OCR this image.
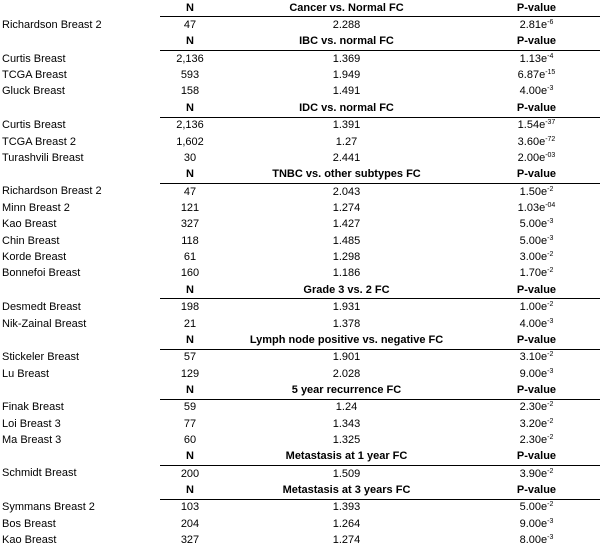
	N	Cancer vs. Normal FC	P-value
Richardson Breast 2	47	2.288	$2.81e^{-6}$
	N	IBC vs. normal FC	P-value
Curtis Breast	2,136	1.369	$1.13e^{-4}$
TCGA Breast	593	1.949	$6.87e^{-15}$
Gluck Breast	158	1.491	$4.00e^{-3}$
	N	IDC vs. normal FC	P-value
Curtis Breast	2,136	1.391	$1.54e^{-37}$
TCGA Breast 2	1,602	1.27	$3.60e^{-72}$
Turashvili Breast	30	2.441	$2.00e^{-03}$
	N	TNBC vs. other subtypes FC	P-value
Richardson Breast 2	47	2.043	$1.50e^{-2}$
Minn Breast 2	121	1.274	$1.03e^{-04}$
Kao Breast	327	1.427	$5.00e^{-3}$
Chin Breast	118	1.485	$5.00e^{-3}$
Korde Breast	61	1.298	$3.00e^{-2}$
Bonnefoi Breast	160	1.186	$1.70e^{-2}$
	N	Grade 3 vs. 2 FC	P-value
Desmedt Breast	198	1.931	$1.00e^{-2}$
Nik-Zainal Breast	21	1.378	$4.00e^{-3}$
	N	Lymph node positive vs. negative FC	P-value
Stickeler Breast	57	1.901	$3.10e^{-2}$
Lu Breast	129	2.028	$9.00e^{-3}$
	N	5 year recurrence FC	P-value
Finak Breast	59	1.24	$2.30e^{-2}$
Loi Breast 3	77	1.343	$3.20e^{-2}$
Ma Breast 3	60	1.325	$2.30e^{-2}$
	N	Metastasis at 1 year FC	P-value
Schmidt Breast	200	1.509	$3.90e^{-2}$
	N	Metastasis at 3 years FC	P-value
Symmans Breast 2	103	1.393	$5.00e^{-2}$
Bos Breast	204	1.264	$9.00e^{-3}$
Kao Breast	327	1.274	$8.00e^{-3}$
